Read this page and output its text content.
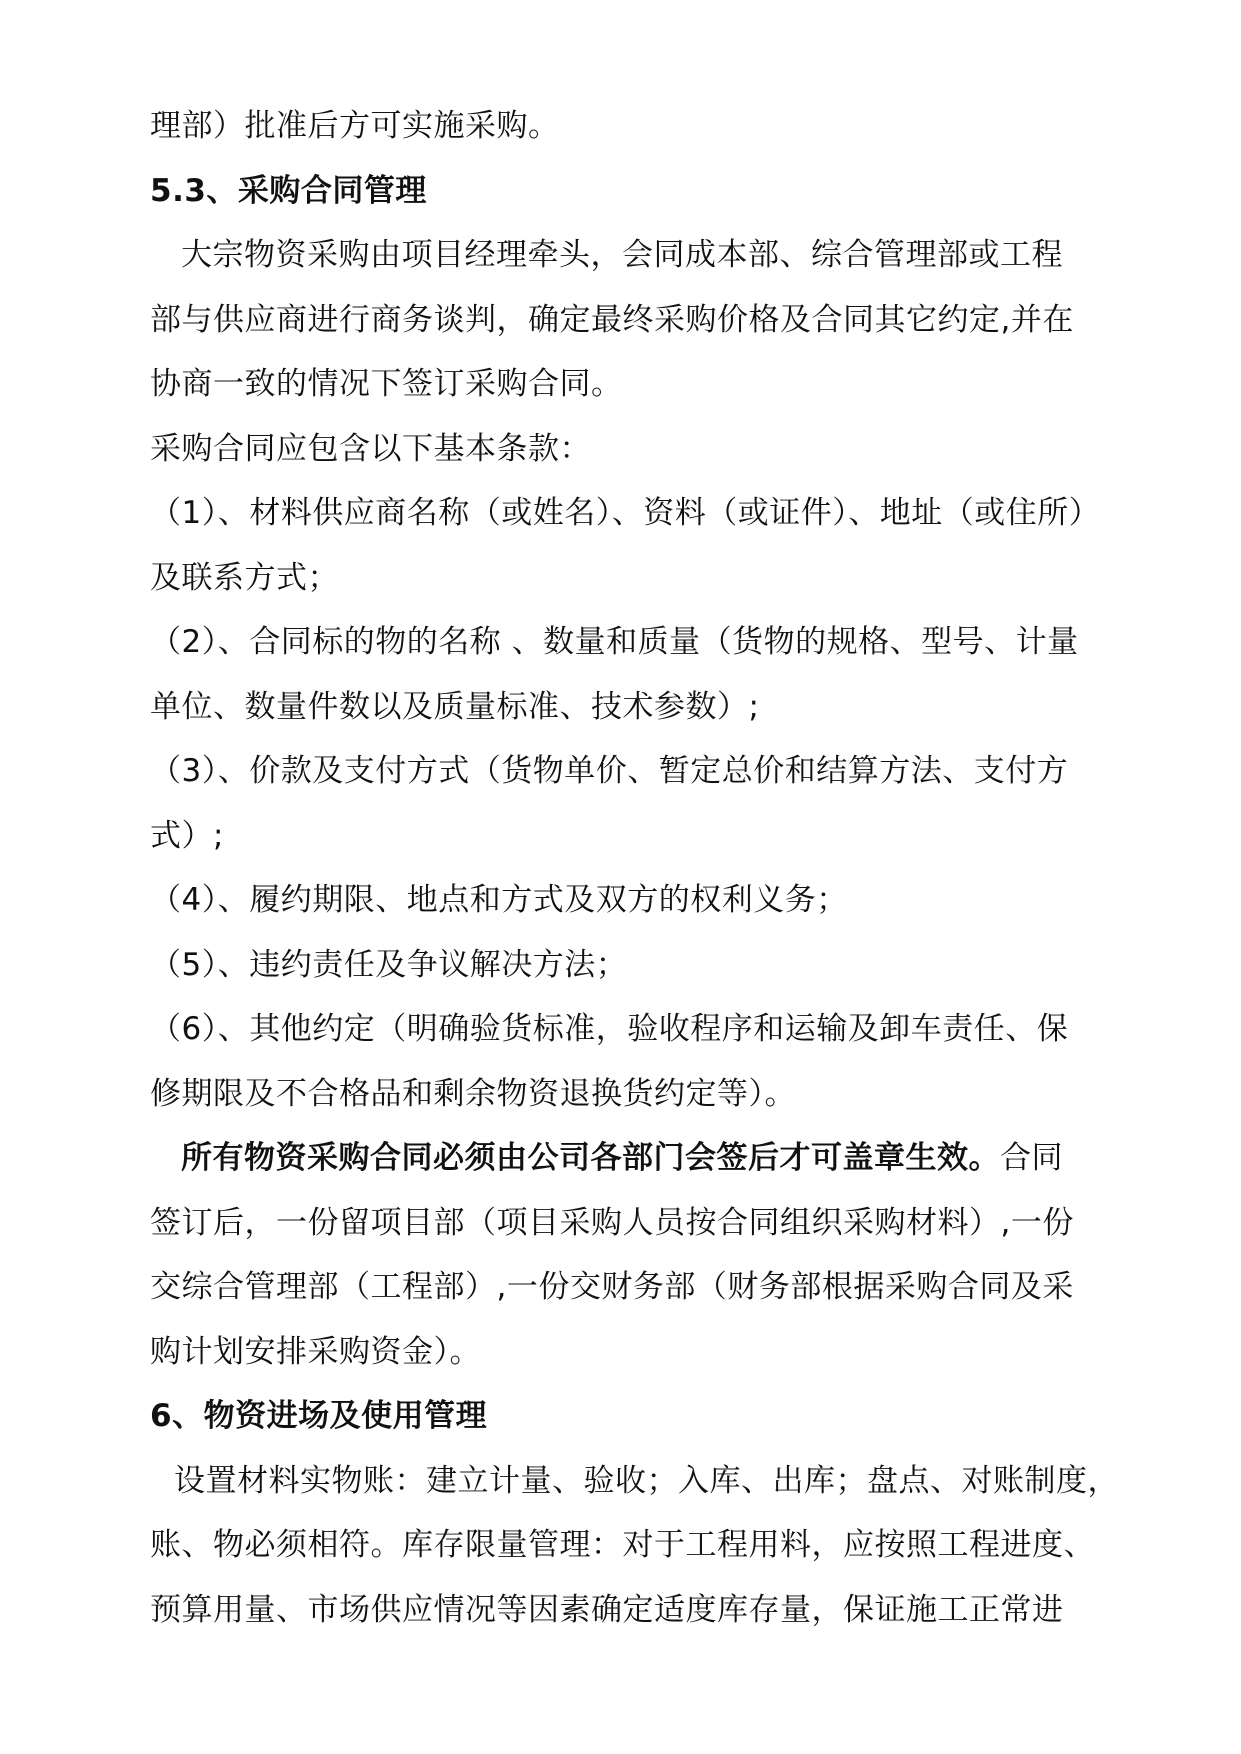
理部）批准后方可实施采购。
5.3、采购合同管理
大宗物资采购由项目经理牵头，会同成本部、综合管理部或工程
部与供应商进行商务谈判，确定最终采购价格及合同其它约定,并在
协商一致的情况下签订采购合同。
采购合同应包含以下基本条款：
（1）、材料供应商名称（或姓名）、资料（或证件）、地址（或住所）
及联系方式；
（2）、合同标的物的名称 、数量和质量（货物的规格、型号、计量
单位、数量件数以及质量标准、技术参数）;
（3）、价款及支付方式（货物单价、暂定总价和结算方法、支付方
式）;
（4）、履约期限、地点和方式及双方的权利义务；
（5）、违约责任及争议解决方法；
（6）、其他约定（明确验货标准，验收程序和运输及卸车责任、保
修期限及不合格品和剩余物资退换货约定等）。
所有物资采购合同必须由公司各部门会签后才可盖章生效。合同
签订后，一份留项目部（项目采购人员按合同组织采购材料）,一份
交综合管理部（工程部）,一份交财务部（财务部根据采购合同及采
购计划安排采购资金）。
6、物资进场及使用管理
设置材料实物账：建立计量、验收；入库、出库；盘点、对账制度，
账、物必须相符。库存限量管理：对于工程用料，应按照工程进度、
预算用量、市场供应情况等因素确定适度库存量，保证施工正常进
